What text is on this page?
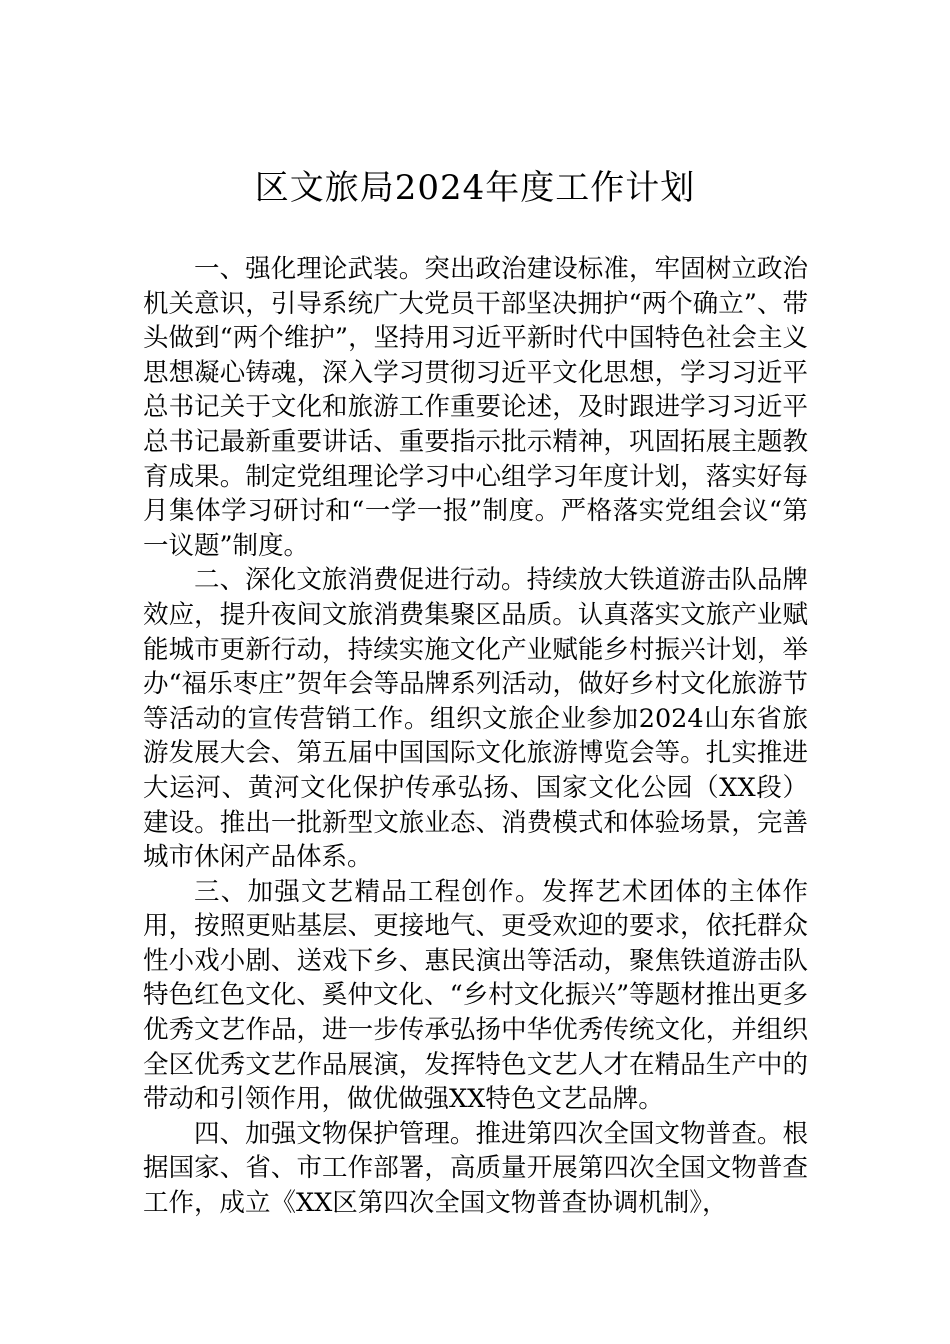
区文旅局2024年度工作计划

一、强化理论武装。突出政治建设标准，牢固树立政治机关意识，引导系统广大党员干部坚决拥护“两个确立”、带头做到“两个维护”，坚持用习近平新时代中国特色社会主义思想凝心铸魂，深入学习贯彻习近平文化思想，学习习近平总书记关于文化和旅游工作重要论述，及时跟进学习习近平总书记最新重要讲话、重要指示批示精神，巩固拓展主题教育成果。制定党组理论学习中心组学习年度计划，落实好每月集体学习研讨和“一学一报”制度。严格落实党组会议“第一议题”制度。

二、深化文旅消费促进行动。持续放大铁道游击队品牌效应，提升夜间文旅消费集聚区品质。认真落实文旅产业赋能城市更新行动，持续实施文化产业赋能乡村振兴计划，举办“福乐枣庄”贺年会等品牌系列活动，做好乡村文化旅游节等活动的宣传营销工作。组织文旅企业参加2024山东省旅游发展大会、第五届中国国际文化旅游博览会等。扎实推进大运河、黄河文化保护传承弘扬、国家文化公园（XX段）建设。推出一批新型文旅业态、消费模式和体验场景，完善城市休闲产品体系。

三、加强文艺精品工程创作。发挥艺术团体的主体作用，按照更贴基层、更接地气、更受欢迎的要求，依托群众性小戏小剧、送戏下乡、惠民演出等活动，聚焦铁道游击队特色红色文化、奚仲文化、“乡村文化振兴”等题材推出更多优秀文艺作品，进一步传承弘扬中华优秀传统文化，并组织全区优秀文艺作品展演，发挥特色文艺人才在精品生产中的带动和引领作用，做优做强XX特色文艺品牌。

四、加强文物保护管理。推进第四次全国文物普查。根据国家、省、市工作部署，高质量开展第四次全国文物普查工作，成立《XX区第四次全国文物普查协调机制》，
